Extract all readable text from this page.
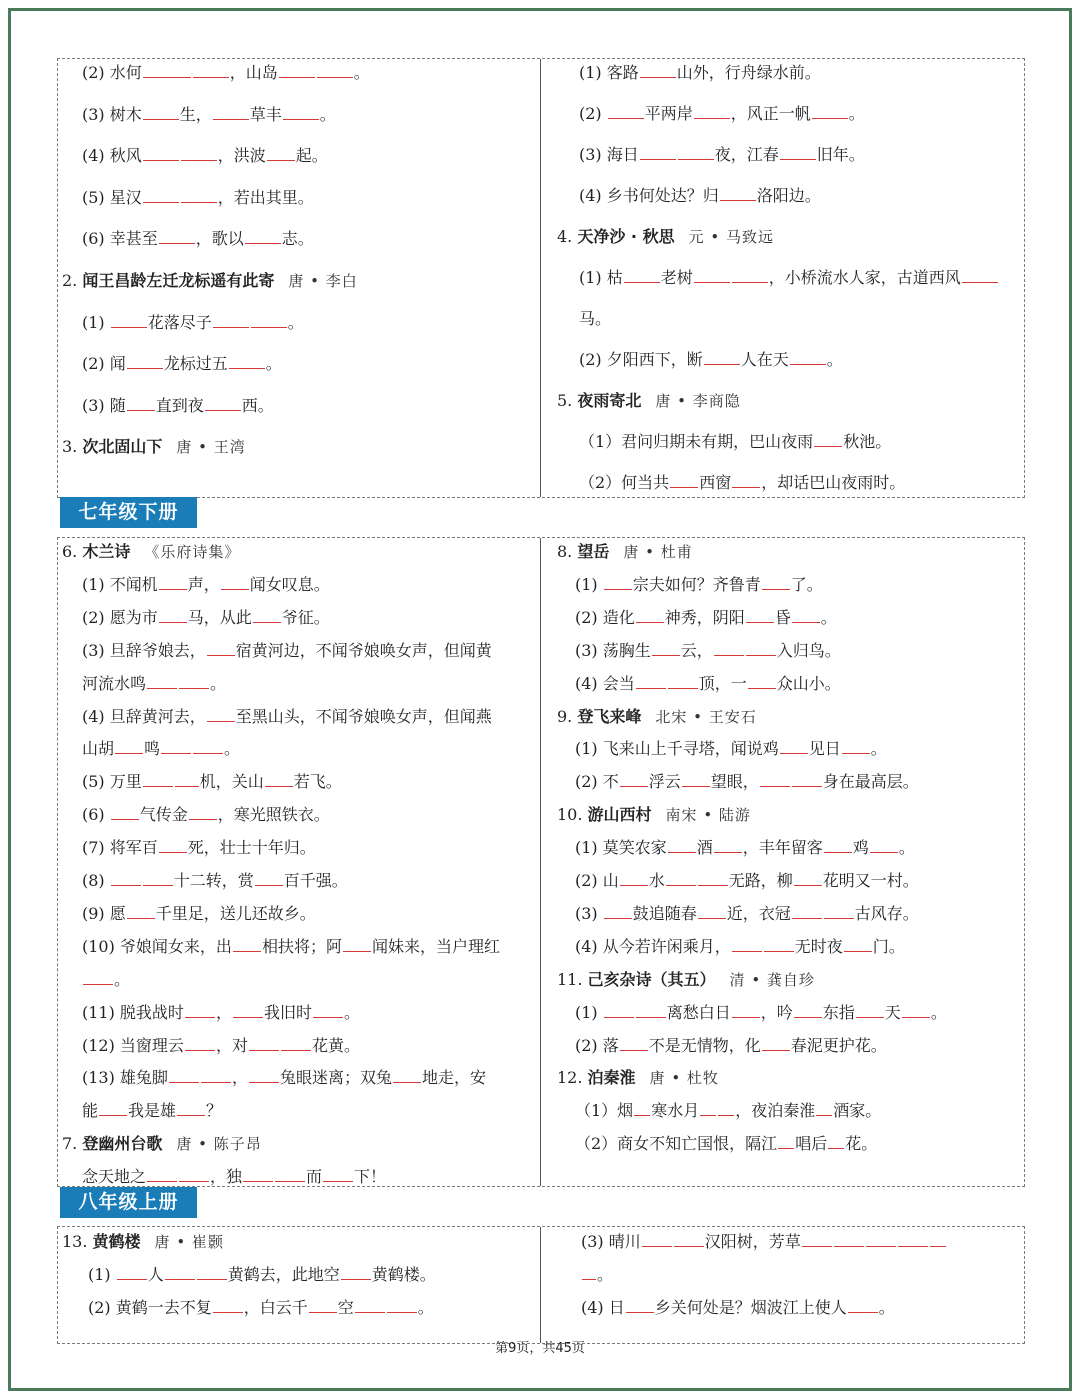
(2) 水何	，山岛	。
(3) 树木 生， 草丰 。
(4) 秋风	，洪波 起。
(5) 星汉	，若出其里。
(6) 幸甚至 ，歌以 志。
2. 闻王昌龄左迁龙标遥有此寄 唐 • 李白
(1) 花落尽子	。
(2) 闻 龙标过五 。
(3) 随 直到夜 西。
3. 次北固山下 唐 • 王湾
(1) 客路 山外，行舟绿水前。
(2) 平两岸 ，风正一帆 。
(3) 海日	夜，江春 旧年。
(4) 乡书何处达？归 洛阳边。
4. 天净沙 · 秋思 元 • 马致远
(1) 枯 老树	，小桥流水人家，古道西风
马。
(2) 夕阳西下，断 人在天 。
5. 夜雨寄北 唐 • 李商隐
（1）君问归期未有期，巴山夜雨 秋池。
（2）何当共 西窗 ，却话巴山夜雨时。
七年级下册
6. 木兰诗 《乐府诗集》
(1) 不闻机 声， 闻女叹息。
(2) 愿为市 马，从此 爷征。
(3) 旦辞爷娘去， 宿黄河边，不闻爷娘唤女声，但闻黄
河流水鸣	。
(4) 旦辞黄河去， 至黑山头，不闻爷娘唤女声，但闻燕
山胡 鸣	。
(5) 万里	机，关山 若飞。
(6) 气传金 ，寒光照铁衣。
(7) 将军百 死，壮士十年归。
(8)	十二转，赏 百千强。
(9) 愿 千里足，送儿还故乡。
(10) 爷娘闻女来，出 相扶将；阿 闻妹来，当户理红
。
(11) 脱我战时 ， 我旧时 。
(12) 当窗理云 ，对	花黄。
(13) 雄兔脚	， 兔眼迷离；双兔 地走，安
能 我是雄 ？
7. 登幽州台歌 唐 • 陈子昂
念天地之	，独	而 下！
8. 望岳 唐 • 杜甫
(1) 宗夫如何？齐鲁青 了。
(2) 造化 神秀，阴阳 昏 。
(3) 荡胸生 云，	入归鸟。
(4) 会当	顶，一 众山小。
9. 登飞来峰 北宋 • 王安石
(1) 飞来山上千寻塔，闻说鸡 见日 。
(2) 不 浮云 望眼，	身在最高层。
10. 游山西村 南宋 • 陆游
(1) 莫笑农家 酒 ，丰年留客 鸡 。
(2) 山 水	无路，柳 花明又一村。
(3) 鼓追随春 近，衣冠	古风存。
(4) 从今若许闲乘月，	无时夜 门。
11. 己亥杂诗（其五） 清 • 龚自珍
(1)	离愁白日 ，吟 东指 天 。
(2) 落 不是无情物，化 春泥更护花。
12. 泊秦淮 唐 • 杜牧
（1）烟 寒水月 ，夜泊秦淮 酒家。
（2）商女不知亡国恨，隔江 唱后 花。
八年级上册
13. 黄鹤楼 唐 • 崔颢
(1) 人	黄鹤去，此地空 黄鹤楼。
(2) 黄鹤一去不复 ，白云千 空	。
(3) 晴川	汉阳树，芳草
。
(4) 日 乡关何处是？烟波江上使人 。
第9页，共45页
